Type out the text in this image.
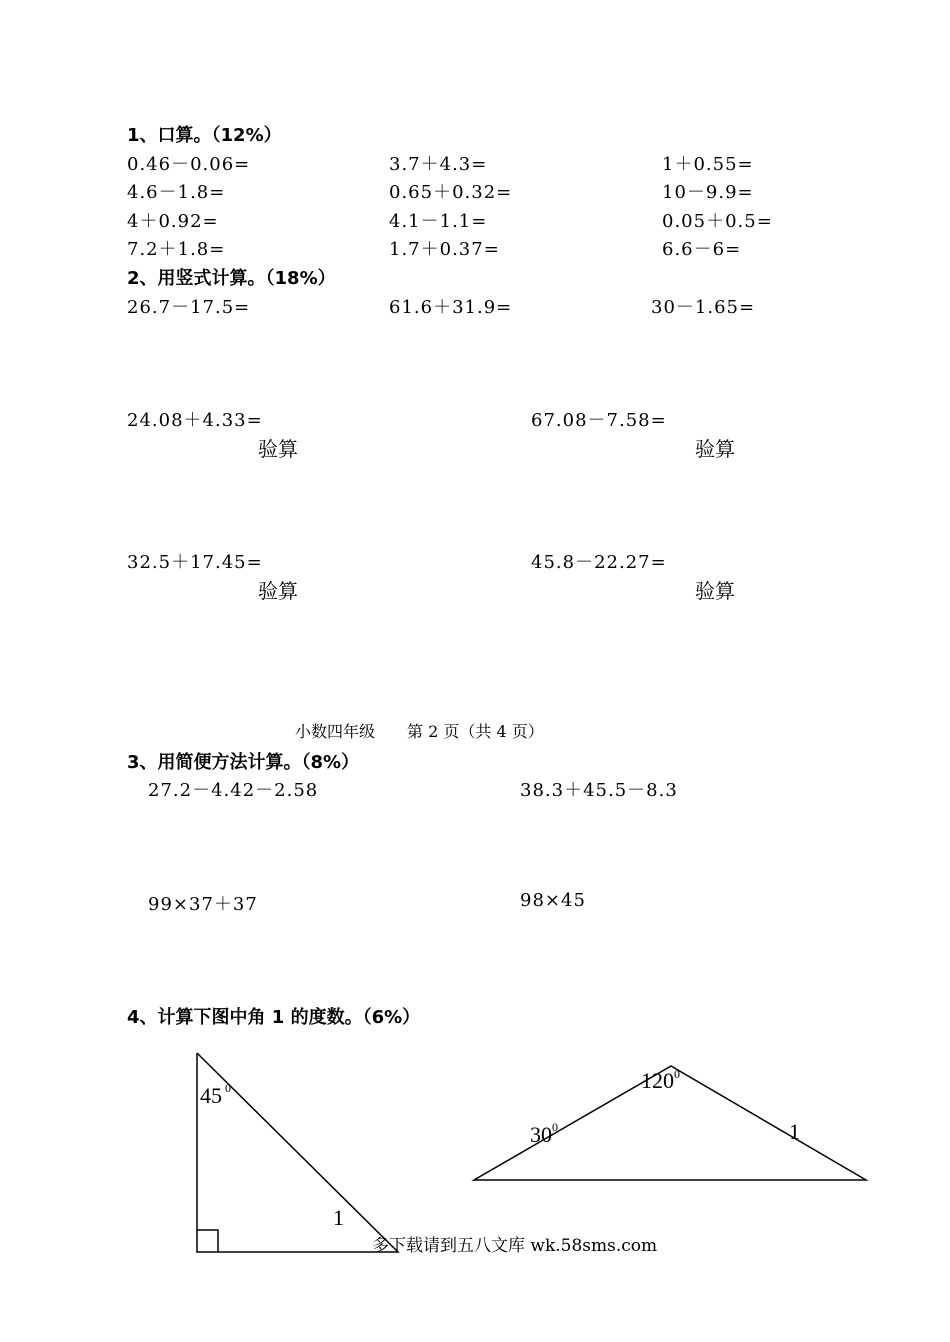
1、口算。（12%）
0.46－0.06=	3.7＋4.3=	1＋0.55=
4.6－1.8=	0.65＋0.32=	10－9.9=
4＋0.92=	4.1－1.1=	0.05＋0.5=
7.2＋1.8=	1.7＋0.37=	6.6－6=
2、用竖式计算。（18%）
26.7－17.5=	61.6＋31.9=	30－1.65=
24.08＋4.33=	67.08－7.58=
验算	验算
32.5＋17.45=	45.8－22.27=
验算	验算
小数四年级　　第 2 页（共 4 页）
3、用简便方法计算。（8%）
27.2－4.42－2.58	38.3＋45.5－8.3
99×37＋37	98×45
4、计算下图中角 1 的度数。（6%）
45 0
1
120 0
30 0	1
多下载请到五八文库 wk.58sms.com
